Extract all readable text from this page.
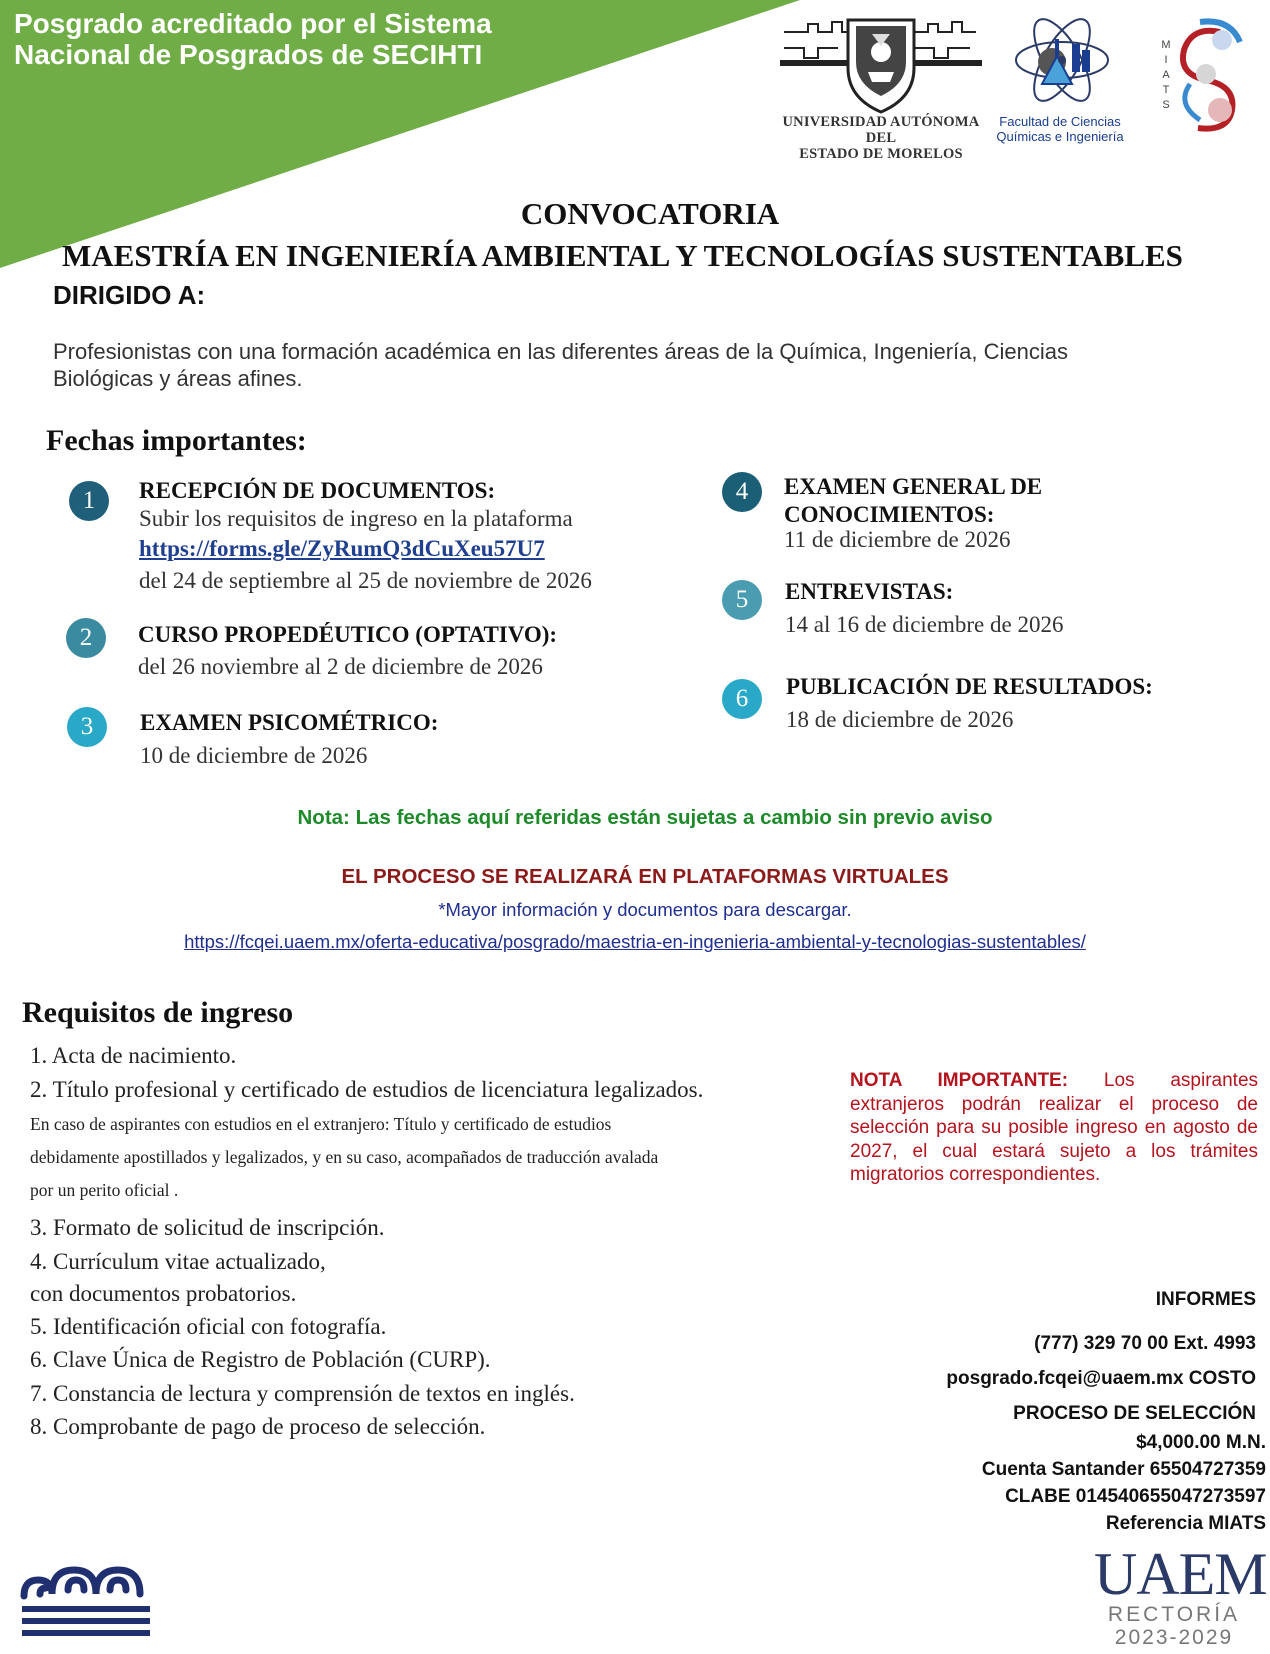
Posgrado acreditado por el Sistema
Nacional de Posgrados de SECIHTI
UNIVERSIDAD AUTÓNOMA DEL
ESTADO DE MORELOS
Facultad de Ciencias
Químicas e Ingeniería
M
I
A
T
S
CONVOCATORIA
MAESTRÍA EN INGENIERÍA AMBIENTAL Y TECNOLOGÍAS SUSTENTABLES
DIRIGIDO A:
Profesionistas con una formación académica en las diferentes áreas de la Química, Ingeniería, Ciencias
Biológicas y áreas afines.
Fechas importantes:
1	RECEPCIÓN DE DOCUMENTOS:
Subir los requisitos de ingreso en la plataforma
https://forms.gle/ZyRumQ3dCuXeu57U7
del 24 de septiembre al 25 de noviembre de 2026
2	CURSO PROPEDÉUTICO (OPTATIVO):
del 26 noviembre al 2 de diciembre de 2026
3	EXAMEN PSICOMÉTRICO:
10 de diciembre de 2026
4	EXAMEN GENERAL DE
CONOCIMIENTOS:
11 de diciembre de 2026
5	ENTREVISTAS:
14 al 16 de diciembre de 2026
6	PUBLICACIÓN DE RESULTADOS:
18 de diciembre de 2026
Nota: Las fechas aquí referidas están sujetas a cambio sin previo aviso
EL PROCESO SE REALIZARÁ EN PLATAFORMAS VIRTUALES
*Mayor información y documentos para descargar.
https://fcqei.uaem.mx/oferta-educativa/posgrado/maestria-en-ingenieria-ambiental-y-tecnologias-sustentables/
Requisitos de ingreso
1. Acta de nacimiento.
2. Título profesional y certificado de estudios de licenciatura legalizados.
En caso de aspirantes con estudios en el extranjero: Título y certificado de estudios
debidamente apostillados y legalizados, y en su caso, acompañados de traducción avalada
por un perito oficial .
3. Formato de solicitud de inscripción.
4. Currículum vitae actualizado,
con documentos probatorios.
5. Identificación oficial con fotografía.
6. Clave Única de Registro de Población (CURP).
7. Constancia de lectura y comprensión de textos en inglés.
8. Comprobante de pago de proceso de selección.
NOTA IMPORTANTE: Los aspirantes extranjeros podrán realizar el proceso de selección para su posible ingreso en agosto de 2027, el cual estará sujeto a los trámites migratorios correspondientes.
INFORMES
(777) 329 70 00 Ext. 4993
posgrado.fcqei@uaem.mx COSTO
PROCESO DE SELECCIÓN
$4,000.00 M.N.
Cuenta Santander 65504727359
CLABE 014540655047273597
Referencia MIATS
UAEM
RECTORÍA
2023-2029
